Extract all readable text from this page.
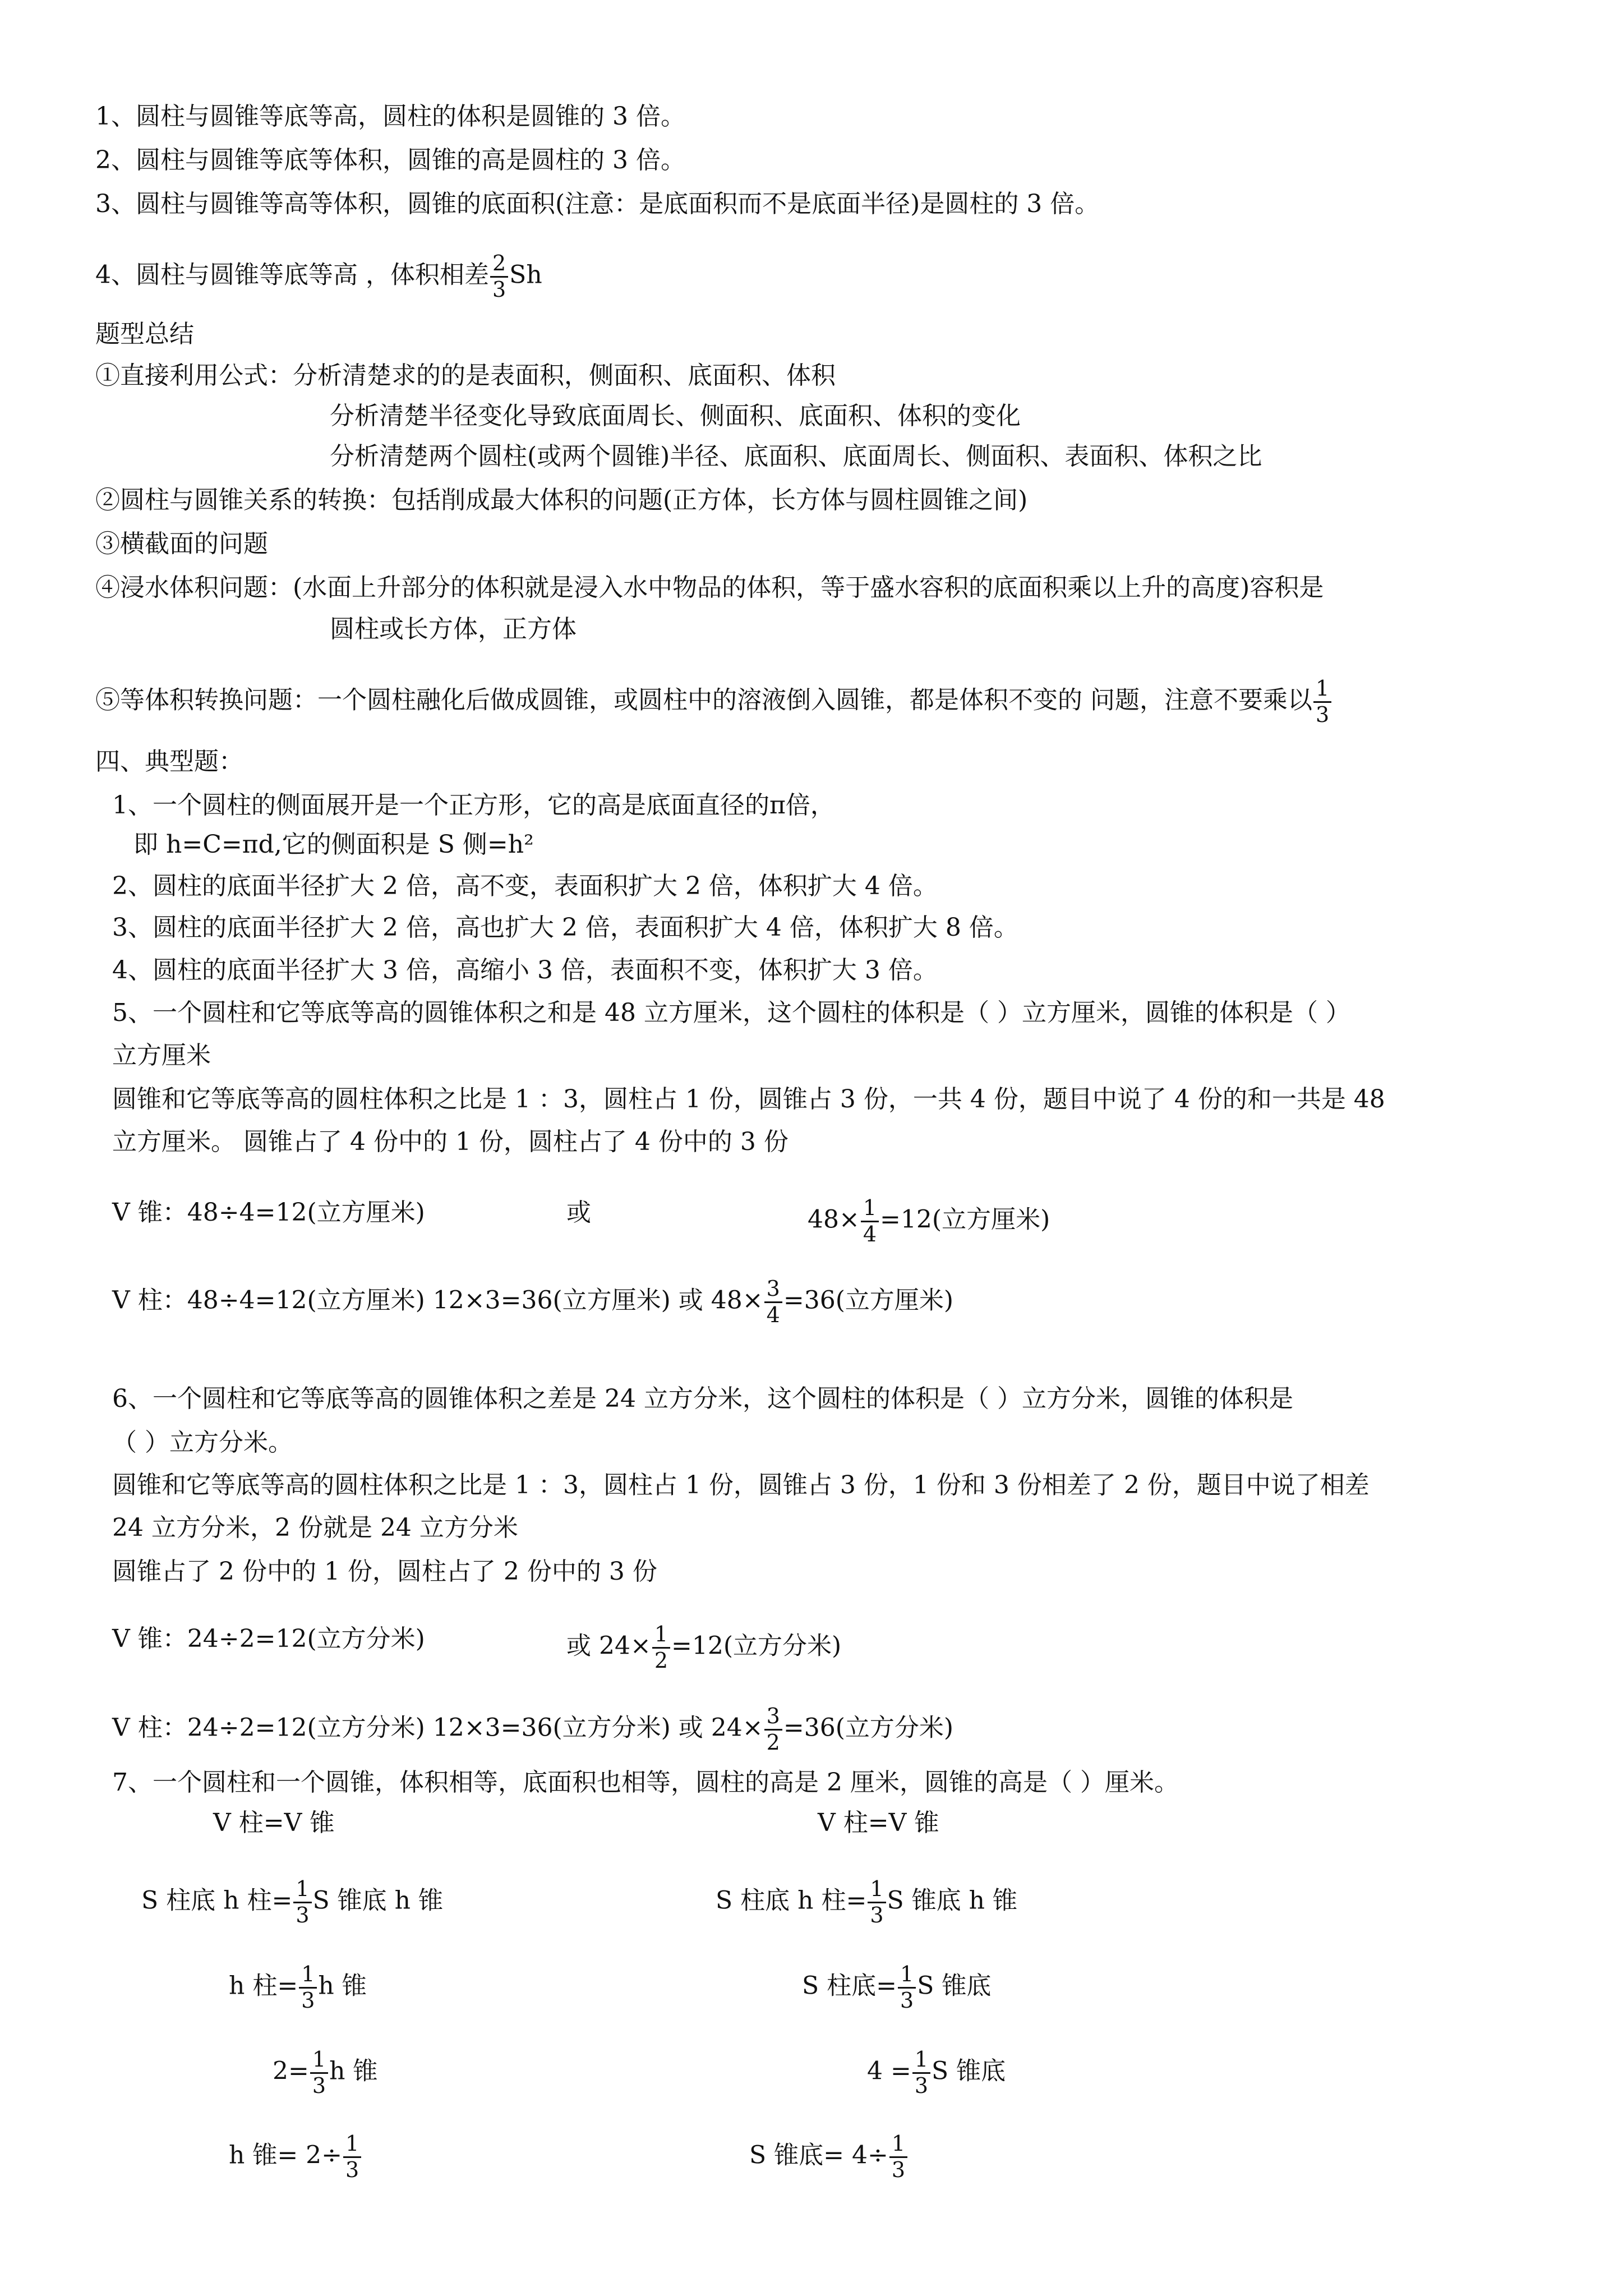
1、圆柱与圆锥等底等高，圆柱的体积是圆锥的 3 倍。
2、圆柱与圆锥等底等体积，圆锥的高是圆柱的 3 倍。
3、圆柱与圆锥等高等体积，圆锥的底面积(注意：是底面积而不是底面半径)是圆柱的 3 倍。
4、圆柱与圆锥等底等高 ，体积相差 $\frac{2}{3}$ Sh
题型总结
①直接利用公式：分析清楚求的的是表面积，侧面积、底面积、体积
分析清楚半径变化导致底面周长、侧面积、底面积、体积的变化
分析清楚两个圆柱(或两个圆锥)半径、底面积、底面周长、侧面积、表面积、体积之比
②圆柱与圆锥关系的转换：包括削成最大体积的问题(正方体，长方体与圆柱圆锥之间)
③横截面的问题
④浸水体积问题：(水面上升部分的体积就是浸入水中物品的体积，等于盛水容积的底面积乘以上升的高度)容积是
圆柱或长方体，正方体
⑤等体积转换问题：一个圆柱融化后做成圆锥，或圆柱中的溶液倒入圆锥，都是体积不变的 问题，注意不要乘以 $\frac{1}{3}$
四、典型题：
1、一个圆柱的侧面展开是一个正方形，它的高是底面直径的π倍，
即 h=C=πd,它的侧面积是 S 侧=h²
2、圆柱的底面半径扩大 2 倍，高不变，表面积扩大 2 倍，体积扩大 4 倍。
3、圆柱的底面半径扩大 2 倍，高也扩大 2 倍，表面积扩大 4 倍，体积扩大 8 倍。
4、圆柱的底面半径扩大 3 倍，高缩小 3 倍，表面积不变，体积扩大 3 倍。
5、一个圆柱和它等底等高的圆锥体积之和是 48 立方厘米，这个圆柱的体积是（ ）立方厘米，圆锥的体积是（ ）
立方厘米
圆锥和它等底等高的圆柱体积之比是 1 ：3，圆柱占 1 份，圆锥占 3 份，一共 4 份，题目中说了 4 份的和一共是 48
立方厘米。 圆锥占了 4 份中的 1 份，圆柱占了 4 份中的 3 份
V 锥：48÷4=12(立方厘米)	或	$48\times \frac{1}{4} =12$(立方厘米)
V 柱：48÷4=12(立方厘米) 12×3=36(立方厘米) 或 $48\times \frac{3}{4} =36$(立方厘米)
6、一个圆柱和它等底等高的圆锥体积之差是 24 立方分米，这个圆柱的体积是（ ）立方分米，圆锥的体积是
（ ）立方分米。
圆锥和它等底等高的圆柱体积之比是 1 ：3，圆柱占 1 份，圆锥占 3 份，1 份和 3 份相差了 2 份，题目中说了相差
24 立方分米，2 份就是 24 立方分米
圆锥占了 2 份中的 1 份，圆柱占了 2 份中的 3 份
V 锥：24÷2=12(立方分米)	或 $24\times \frac{1}{2} =12$(立方分米)
V 柱：24÷2=12(立方分米) 12×3=36(立方分米) 或 $24\times \frac{3}{2} =36$(立方分米)
7、一个圆柱和一个圆锥，体积相等，底面积也相等，圆柱的高是 2 厘米，圆锥的高是（ ）厘米。
V 柱=V 锥
S 柱底 h 柱= $\frac{1}{3}$ S 锥底 h 锥
h 柱= $\frac{1}{3}$ h 锥
$2= \frac{1}{3}$ h 锥
h 锥= $2\div \frac{1}{3}$
V 柱=V 锥
S 柱底 h 柱= $\frac{1}{3}$ S 锥底 h 锥
S 柱底= $\frac{1}{3}$ S 锥底
$4 = \frac{1}{3}$ S 锥底
S 锥底= $4\div \frac{1}{3}$
